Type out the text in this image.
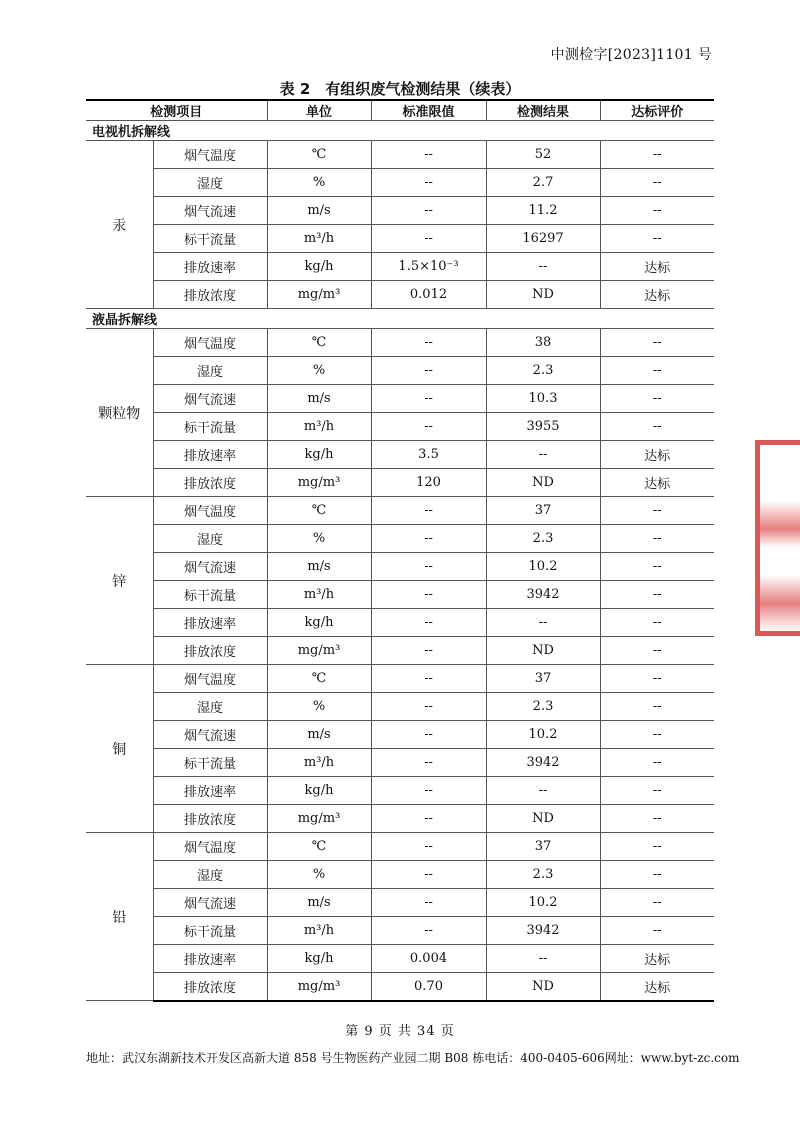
中测检字[2023]1101 号
表 2　有组织废气检测结果（续表）
检测项目		单位	标准限值	检测结果	达标评价
电视机拆解线					
汞	烟气温度	℃	--	52	--
	湿度	%	--	2.7	--
	烟气流速	m/s	--	11.2	--
	标干流量	m³/h	--	16297	--
	排放速率	kg/h	1.5×10⁻³	--	达标
	排放浓度	mg/m³	0.012	ND	达标
液晶拆解线					
颗粒物	烟气温度	℃	--	38	--
	湿度	%	--	2.3	--
	烟气流速	m/s	--	10.3	--
	标干流量	m³/h	--	3955	--
	排放速率	kg/h	3.5	--	达标
	排放浓度	mg/m³	120	ND	达标
锌	烟气温度	℃	--	37	--
	湿度	%	--	2.3	--
	烟气流速	m/s	--	10.2	--
	标干流量	m³/h	--	3942	--
	排放速率	kg/h	--	--	--
	排放浓度	mg/m³	--	ND	--
铜	烟气温度	℃	--	37	--
	湿度	%	--	2.3	--
	烟气流速	m/s	--	10.2	--
	标干流量	m³/h	--	3942	--
	排放速率	kg/h	--	--	--
	排放浓度	mg/m³	--	ND	--
铅	烟气温度	℃	--	37	--
	湿度	%	--	2.3	--
	烟气流速	m/s	--	10.2	--
	标干流量	m³/h	--	3942	--
	排放速率	kg/h	0.004	--	达标
	排放浓度	mg/m³	0.70	ND	达标
第 9 页 共 34 页
地址：武汉东湖新技术开发区高新大道 858 号生物医药产业园二期 B08 栋 电话：400-0405-606 网址：www.byt-zc.com
